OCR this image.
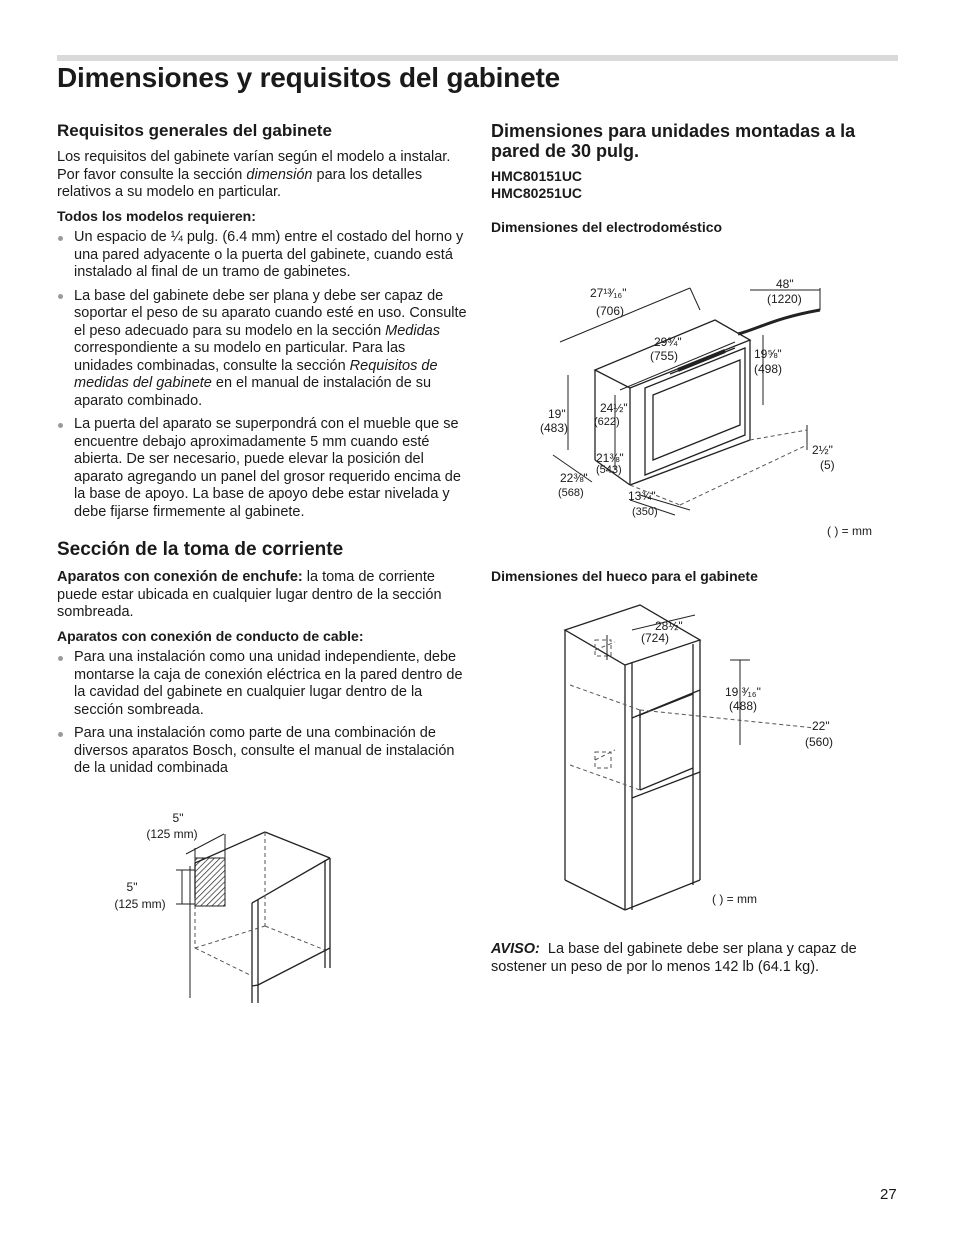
Dimensiones y requisitos del gabinete
Requisitos generales del gabinete

Los requisitos del gabinete varían según el modelo a instalar. Por favor consulte la sección dimensión para los detalles relativos a su modelo en particular.

Todos los modelos requieren:

Un espacio de ¼ pulg. (6.4 mm) entre el costado del horno y una pared adyacente o la puerta del gabinete, cuando está instalado al final de un tramo de gabinetes.
La base del gabinete debe ser plana y debe ser capaz de soportar el peso de su aparato cuando esté en uso. Consulte el peso adecuado para su modelo en la sección Medidas correspondiente a su modelo en particular. Para las unidades combinadas, consulte la sección Requisitos de medidas del gabinete en el manual de instalación de su aparato combinado.
La puerta del aparato se superpondrá con el mueble que se encuentre debajo aproximadamente 5 mm cuando esté abierta. De ser necesario, puede elevar la posición del aparato agregando un panel del grosor requerido encima de la base de apoyo. La base de apoyo debe estar nivelada y debe fijarse firmemente al gabinete.
Sección de la toma de corriente

Aparatos con conexión de enchufe: la toma de corriente puede estar ubicada en cualquier lugar dentro de la sección sombreada.

Aparatos con conexión de conducto de cable:

Para una instalación como una unidad independiente, debe montarse la caja de conexión eléctrica en la pared dentro de la cavidad del gabinete en cualquier lugar dentro de la sección sombreada.
Para una instalación como parte de una combinación de diversos aparatos Bosch, consulte el manual de instalación de la unidad combinada
5"
(125 mm)
5"
(125 mm)
Dimensiones para unidades montadas a la pared de 30 pulg.

HMC80151UC

HMC80251UC

Dimensiones del electrodoméstico

27¹³⁄₁₆"
(706)
48"
(1220)
29¾"
(755)	19⅝"
(498)
24½"
(622)
19"
(483)
21⅜"
(543)
22⅜"
(568)	13¾"
(350)
2½"
(5)
( ) = mm

Dimensiones del hueco para el gabinete

28½"
(724)
19 ³⁄₁₆"
(488)
22"
(560)
( ) = mm

AVISO:  La base del gabinete debe ser plana y capaz de sostener un peso de por lo menos 142 lb (64.1 kg).

27
